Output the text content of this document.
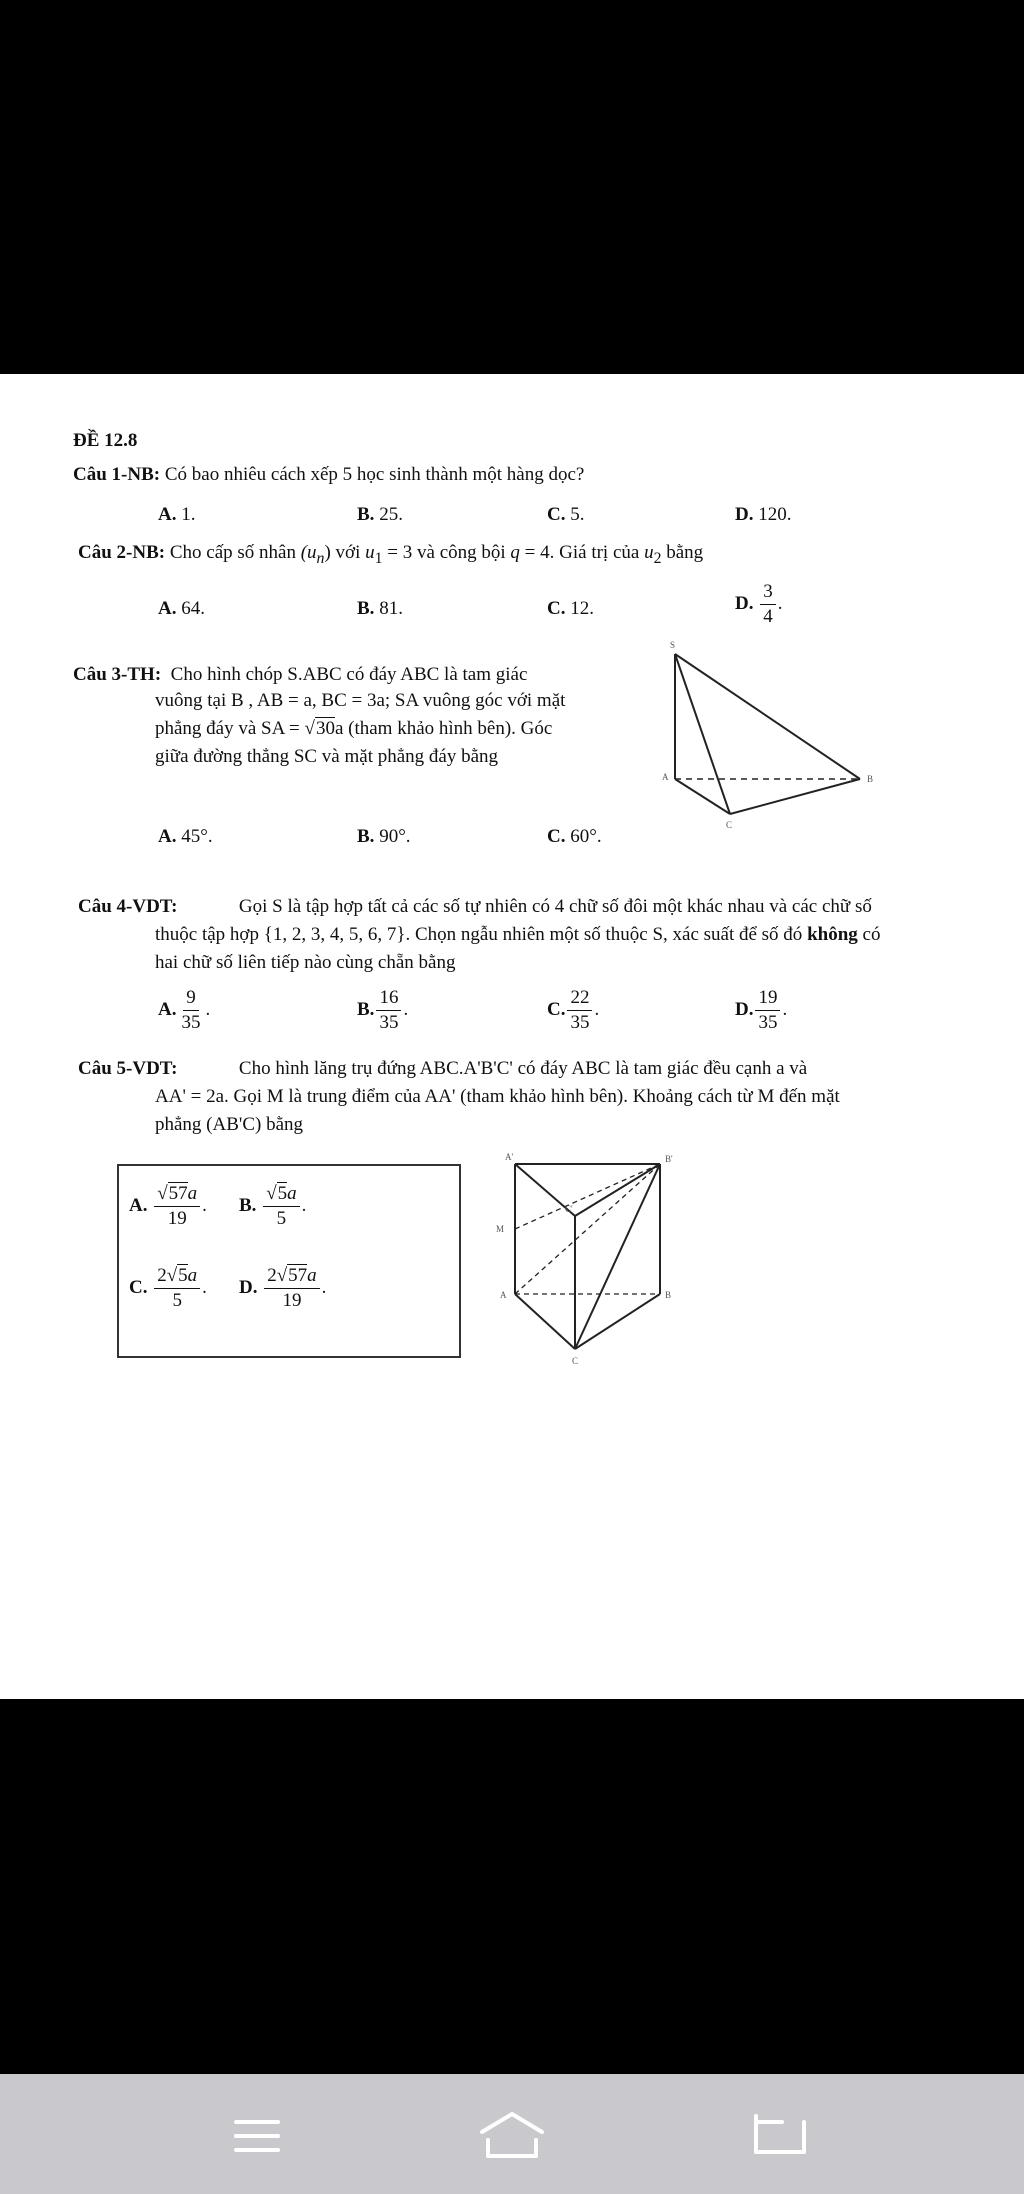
ĐỀ 12.8
Câu 1-NB: Có bao nhiêu cách xếp 5 học sinh thành một hàng dọc?
A. 1.	B. 25.	C. 5.	D. 120.
Câu 2-NB: Cho cấp số nhân $(u_n)$ với $u_1 = 3$ và công bội q = 4. Giá trị của $u_2$ bằng
A. 64.	B. 81.	C. 12.	D. $\frac{3}{4}$ .
Câu 3-TH: Cho hình chóp S.ABC có đáy ABC là tam giác
vuông tại B , AB = a, BC = 3a; SA vuông góc với mặt
phẳng đáy và SA = √30a (tham khảo hình bên). Góc
giữa đường thẳng SC và mặt phẳng đáy bằng
A. 45°.	B. 90°.	C. 60°.
S
A	B
C
Câu 4-VDT:	Gọi S là tập hợp tất cả các số tự nhiên có 4 chữ số đôi một khác nhau và các chữ số
thuộc tập hợp {1, 2, 3, 4, 5, 6, 7}. Chọn ngẫu nhiên một số thuộc S, xác suất để số đó không có
hai chữ số liên tiếp nào cùng chẵn bằng
A. $\frac{9}{35}$ .	B. $\frac{16}{35}$ .	C. $\frac{22}{35}$ .	D. $\frac{19}{35}$ .
Câu 5-VDT:	Cho hình lăng trụ đứng ABC.A'B'C' có đáy ABC là tam giác đều cạnh a và
AA' = 2a. Gọi M là trung điểm của AA' (tham khảo hình bên). Khoảng cách từ M đến mặt
phẳng (AB'C) bằng
A. $\frac{√57a}{19}$ . B. $\frac{√5a}{5}$ .
C. $\frac{2√5a}{5}$ . D. $\frac{2√57a}{19}$ .
A'	B'
C'
M
A	B
C
